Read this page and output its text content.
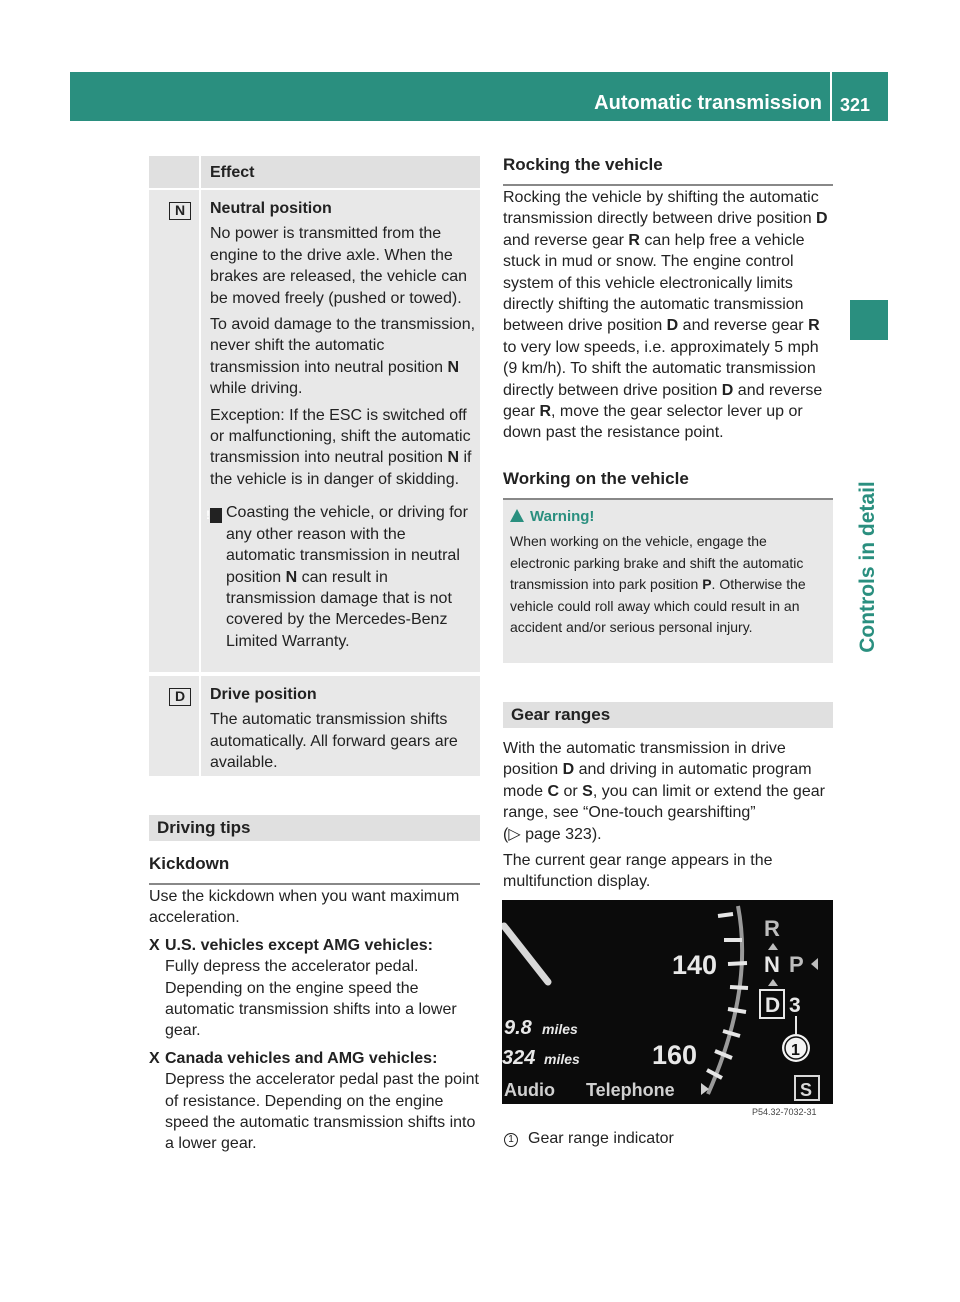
Automatic transmission 321
Controls in detail
Effect
N	Neutral position

No power is transmitted from the engine to the drive axle. When the brakes are released, the vehicle can be moved freely (pushed or towed).

To avoid damage to the transmission, never shift the automatic transmission into neutral position N while driving.

Exception: If the ESC is switched off or malfunctioning, shift the automatic transmission into neutral position N if the vehicle is in danger of skidding.

! Coasting the vehicle, or driving for any other reason with the automatic transmission in neutral position N can result in transmission damage that is not covered by the Mercedes-Benz Limited Warranty.

D	Drive position

The automatic transmission shifts automatically. All forward gears are available.

Driving tips
Kickdown

Use the kickdown when you want maximum acceleration.

X U.S. vehicles except AMG vehicles:
Fully depress the accelerator pedal. Depending on the engine speed the automatic transmission shifts into a lower gear.
X Canada vehicles and AMG vehicles:
Depress the accelerator pedal past the point of resistance. Depending on the engine speed the automatic transmission shifts into a lower gear.
Rocking the vehicle
Rocking the vehicle by shifting the automatic transmission directly between drive position D and reverse gear R can help free a vehicle stuck in mud or snow. The engine control system of this vehicle electronically limits directly shifting the automatic transmission between drive position D and reverse gear R to very low speeds, i.e. approximately 5 mph (9 km/h). To shift the automatic transmission directly between drive position D and reverse gear R, move the gear selector lever up or down past the resistance point.
Working on the vehicle
Warning!
When working on the vehicle, engage the electronic parking brake and shift the automatic transmission into park position P. Otherwise the vehicle could roll away which could result in an accident and/or serious personal injury.
Gear ranges

With the automatic transmission in drive position D and driving in automatic program mode C or S, you can limit or extend the gear range, see “One-touch gearshifting”
(▷ page 323).

The current gear range appears in the multifunction display.

140
160
9.8 miles
324 miles
R
N P
D 3
1
Audio Telephone	S
P54.32-7032-31
1 Gear range indicator
